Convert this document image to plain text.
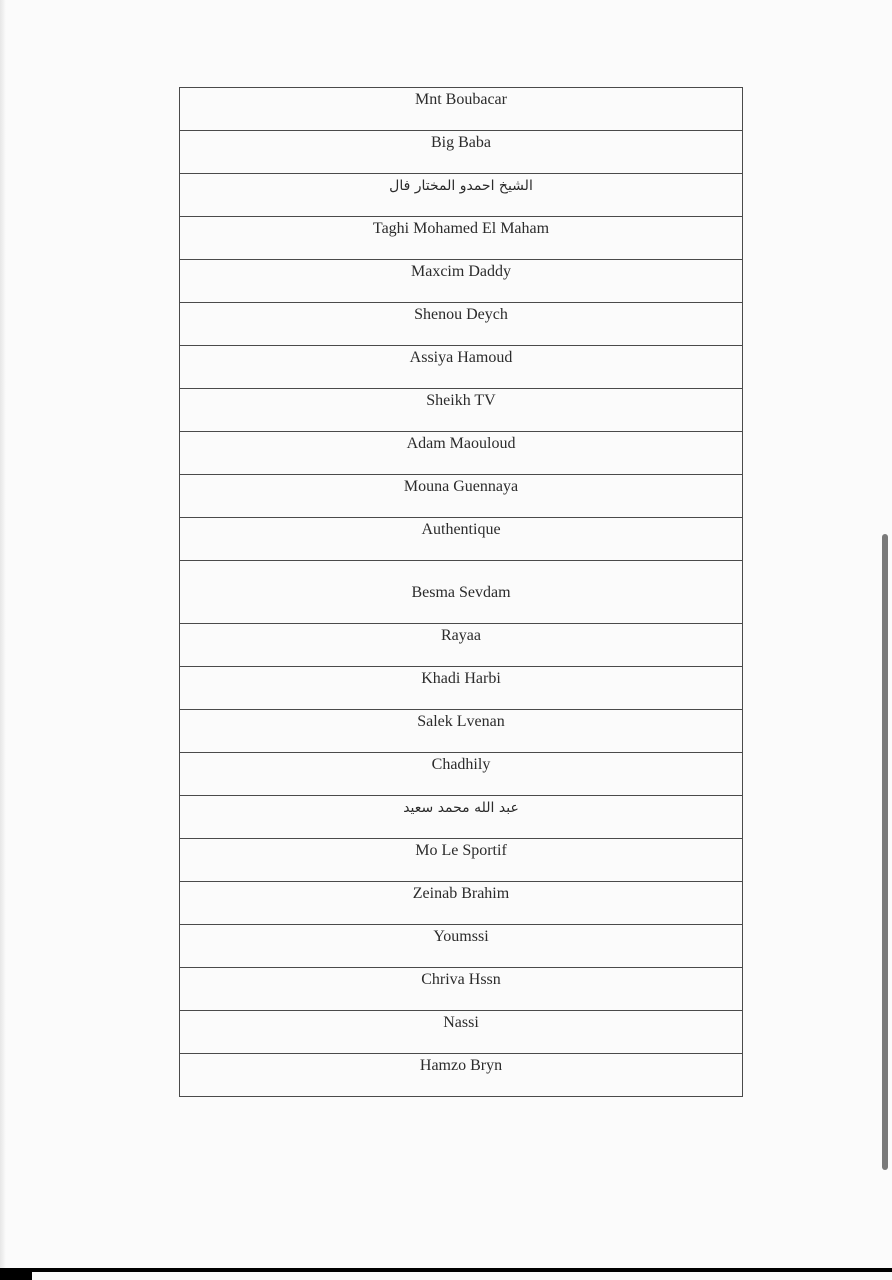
Mnt Boubacar
Big Baba
الشيخ احمدو المختار فال
Taghi Mohamed El Maham
Maxcim Daddy
Shenou Deych
Assiya Hamoud
Sheikh TV
Adam Maouloud
Mouna Guennaya
Authentique
Besma Sevdam
Rayaa
Khadi Harbi
Salek Lvenan
Chadhily
عبد الله محمد سعيد
Mo Le Sportif
Zeinab Brahim
Youmssi
Chriva Hssn
Nassi
Hamzo Bryn
